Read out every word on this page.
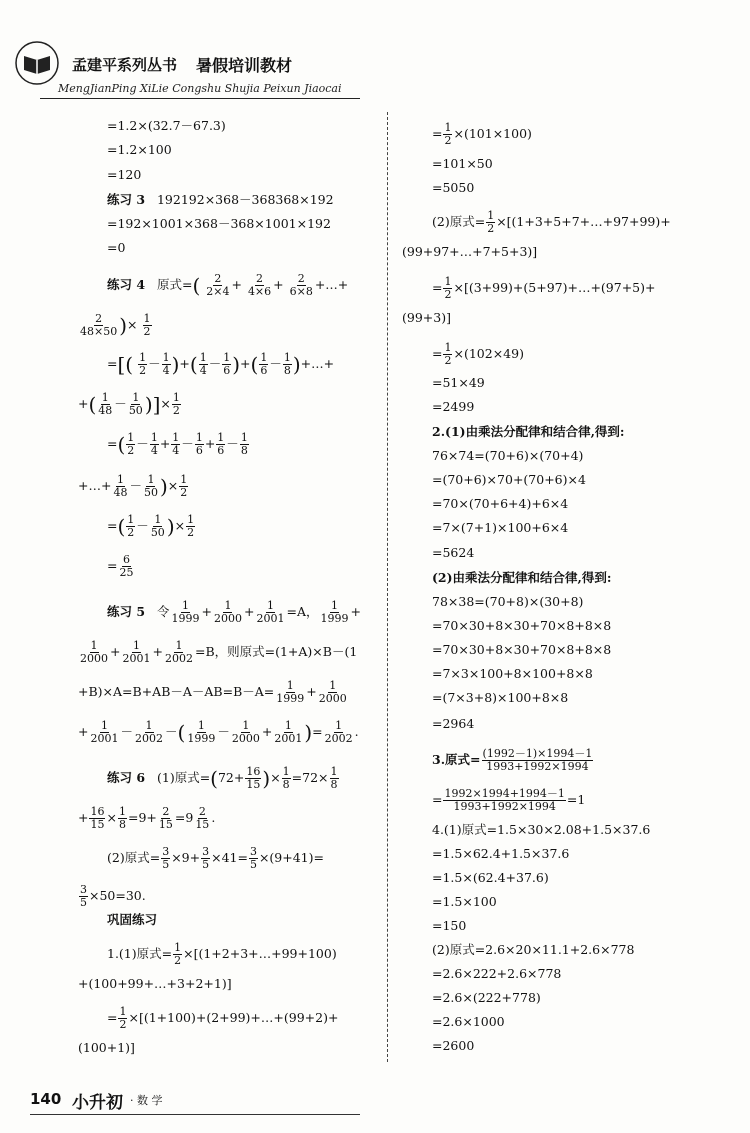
孟建平系列丛书 暑假培训教材
MengJianPing XiLie Congshu Shujia Peixun Jiaocai
=1.2×(32.7－67.3)
=1.2×100
=120
练习 3 192192×368－368368×192
=192×1001×368－368×1001×192
=0
练习 4 原式=( $\frac{2}{2\times 4} + \frac{2}{4\times 6} + \frac{2}{6\times 8}$ +…+
$\frac{2}{48\times 50}$ )× $\frac{1}{2}$
=[( $\frac{1}{2} - \frac{1}{4}$ )+( $\frac{1}{4} - \frac{1}{6}$ )+( $\frac{1}{6} - \frac{1}{8}$ )+…+
+( $\frac{1}{48} - \frac{1}{50}$ )]× $\frac{1}{2}$
=( $\frac{1}{2} - \frac{1}{4} + \frac{1}{4} - \frac{1}{6} + \frac{1}{6} - \frac{1}{8}$
+…+ $\frac{1}{48} - \frac{1}{50}$ )× $\frac{1}{2}$
=( $\frac{1}{2} - \frac{1}{50}$ )× $\frac{1}{2}$
= $\frac{6}{25}$
练习 5 令 $\frac{1}{1999} + \frac{1}{2000} + \frac{1}{2001} =A$， $\frac{1}{1999}$ +
$\frac{1}{2000} + \frac{1}{2001} + \frac{1}{2002} =B$，则原式=(1+A)×B－(1
$+B)\times A=B+AB-A-AB=B-A= \frac{1}{1999} + \frac{1}{2000}$
+ $\frac{1}{2001} - \frac{1}{2002}$ －( $\frac{1}{1999} - \frac{1}{2000} + \frac{1}{2001}$ )= $\frac{1}{2002}$ .
练习 6 (1)原式$=(72+ \frac{16}{15}$ )× $\frac{1}{8} =72\times \frac{1}{8}$
+ $\frac{16}{15} \times \frac{1}{8} =9+ \frac{2}{15} =9 \frac{2}{15}$ .
(2)原式= $\frac{3}{5} \times 9+ \frac{3}{5} \times 41= \frac{3}{5} \times(9+41)=$
$\frac{3}{5} \times 50=30$.
巩固练习
1.(1)原式= $\frac{1}{2}$ ×[(1+2+3+…+99+100)
+(100+99+…+3+2+1)]
= $\frac{1}{2}$ ×[(1+100)+(2+99)+…+(99+2)+
(100+1)]
= $\frac{1}{2} \times(101\times 100)$
=101×50
=5050
(2)原式= $\frac{1}{2}$ ×[(1+3+5+7+…+97+99)+
(99+97+…+7+5+3)]
= $\frac{1}{2}$ ×[(3+99)+(5+97)+…+(97+5)+
(99+3)]
= $\frac{1}{2} \times(102\times 49)$
=51×49
=2499
2.(1)由乘法分配律和结合律,得到:
76×74=(70+6)×(70+4)
=(70+6)×70+(70+6)×4
=70×(70+6+4)+6×4
=7×(7+1)×100+6×4
=5624
(2)由乘法分配律和结合律,得到:
78×38=(70+8)×(30+8)
=70×30+8×30+70×8+8×8
=70×30+8×30+70×8+8×8
=7×3×100+8×100+8×8
=(7×3+8)×100+8×8
=2964
3.原式= $\frac{(1992-1)\times 1994-1}{1993+1992\times 1994}$
= $\frac{1992\times 1994+1994-1}{1993+1992\times 1994} =1$
4.(1)原式=1.5×30×2.08+1.5×37.6
=1.5×62.4+1.5×37.6
=1.5×(62.4+37.6)
=1.5×100
=150
(2)原式=2.6×20×11.1+2.6×778
=2.6×222+2.6×778
=2.6×(222+778)
=2.6×1000
=2600
140 小升初 · 数 学
